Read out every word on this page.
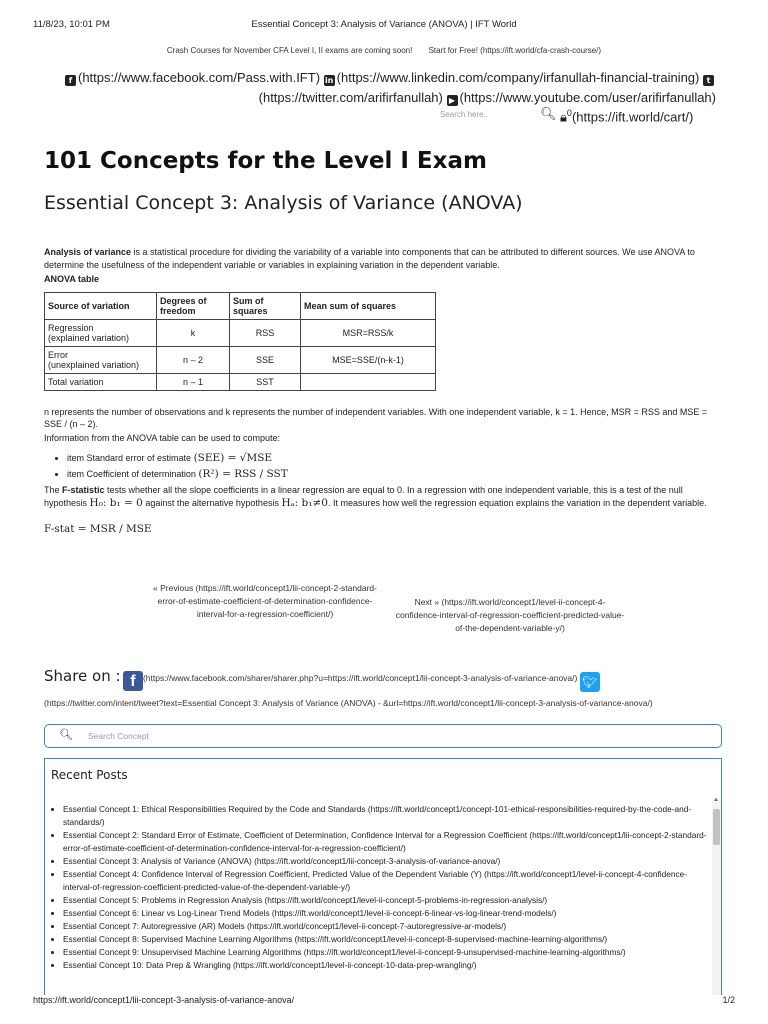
11/8/23, 10:01 PM	Essential Concept 3: Analysis of Variance (ANOVA) | IFT World
Crash Courses for November CFA Level I, II exams are coming soon! Start for Free! (https://ift.world/cfa-crash-course/)
f (https://www.facebook.com/Pass.with.IFT) in (https://www.linkedin.com/company/irfanullah-financial-training) t(https://twitter.com/arifirfanullah) ▶ (https://www.youtube.com/user/arifirfanullah)
Search here..	🔍︎ 🔒︎$^0$(https://ift.world/cart/)
101 Concepts for the Level I Exam
Essential Concept 3: Analysis of Variance (ANOVA)
Analysis of variance is a statistical procedure for dividing the variability of a variable into components that can be attributed to different sources. We use ANOVA to determine the usefulness of the independent variable or variables in explaining variation in the dependent variable.
ANOVA table
Source of variation	Degrees of freedom	Sum of squares	Mean sum of squares
Regression
(explained variation)	k	RSS	MSR=RSS/k
Error
(unexplained variation)	n – 2	SSE	MSE=SSE/(n-k-1)
Total variation	n – 1	SST	
n represents the number of observations and k represents the number of independent variables. With one independent variable, k = 1. Hence, MSR = RSS and MSE = SSE / (n – 2).
Information from the ANOVA table can be used to compute:
• item Standard error of estimate (SEE) = √MSE
• item Coefficient of determination (R²) = RSS / SST
The F-statistic tests whether all the slope coefficients in a linear regression are equal to 0. In a regression with one independent variable, this is a test of the null hypothesis H₀: b₁ = 0 against the alternative hypothesis Hₐ: b₁≠0. It measures how well the regression equation explains the variation in the dependent variable.
F-stat = MSR / MSE
« Previous (https://ift.world/concept1/lii-concept-2-standard-error-of-estimate-coefficient-of-determination-confidence-interval-for-a-regression-coefficient/)
Next » (https://ift.world/concept1/level-ii-concept-4-confidence-interval-of-regression-coefficient-predicted-value-of-the-dependent-variable-y/)
Share on : f (https://www.facebook.com/sharer/sharer.php?u=https://ift.world/concept1/lii-concept-3-analysis-of-variance-anova/) 🐦︎
(https://twitter.com/intent/tweet?text=Essential Concept 3: Analysis of Variance (ANOVA) - &url=https://ift.world/concept1/lii-concept-3-analysis-of-variance-anova/)
🔍︎ Search Concept
Recent Posts
• Essential Concept 1: Ethical Responsibilities Required by the Code and Standards (https://ift.world/concept1/concept-101-ethical-responsibilities-required-by-the-code-and-standards/)
• Essential Concept 2: Standard Error of Estimate, Coefficient of Determination, Confidence Interval for a Regression Coefficient (https://ift.world/concept1/lii-concept-2-standard-error-of-estimate-coefficient-of-determination-confidence-interval-for-a-regression-coefficient/)
• Essential Concept 3: Analysis of Variance (ANOVA) (https://ift.world/concept1/lii-concept-3-analysis-of-variance-anova/)
• Essential Concept 4: Confidence Interval of Regression Coefficient, Predicted Value of the Dependent Variable (Y) (https://ift.world/concept1/level-ii-concept-4-confidence-interval-of-regression-coefficient-predicted-value-of-the-dependent-variable-y/)
• Essential Concept 5: Problems in Regression Analysis (https://ift.world/concept1/level-ii-concept-5-problems-in-regression-analysis/)
• Essential Concept 6: Linear vs Log-Linear Trend Models (https://ift.world/concept1/level-ii-concept-6-linear-vs-log-linear-trend-models/)
• Essential Concept 7: Autoregressive (AR) Models (https://ift.world/concept1/level-ii-concept-7-autoregressive-ar-models/)
• Essential Concept 8: Supervised Machine Learning Algorithms (https://ift.world/concept1/level-ii-concept-8-supervised-machine-learning-algorithms/)
• Essential Concept 9: Unsupervised Machine Learning Algorithms (https://ift.world/concept1/level-ii-concept-9-unsupervised-machine-learning-algorithms/)
• Essential Concept 10: Data Prep & Wrangling (https://ift.world/concept1/level-ii-concept-10-data-prep-wrangling/)
▲
https://ift.world/concept1/lii-concept-3-analysis-of-variance-anova/	1/2
